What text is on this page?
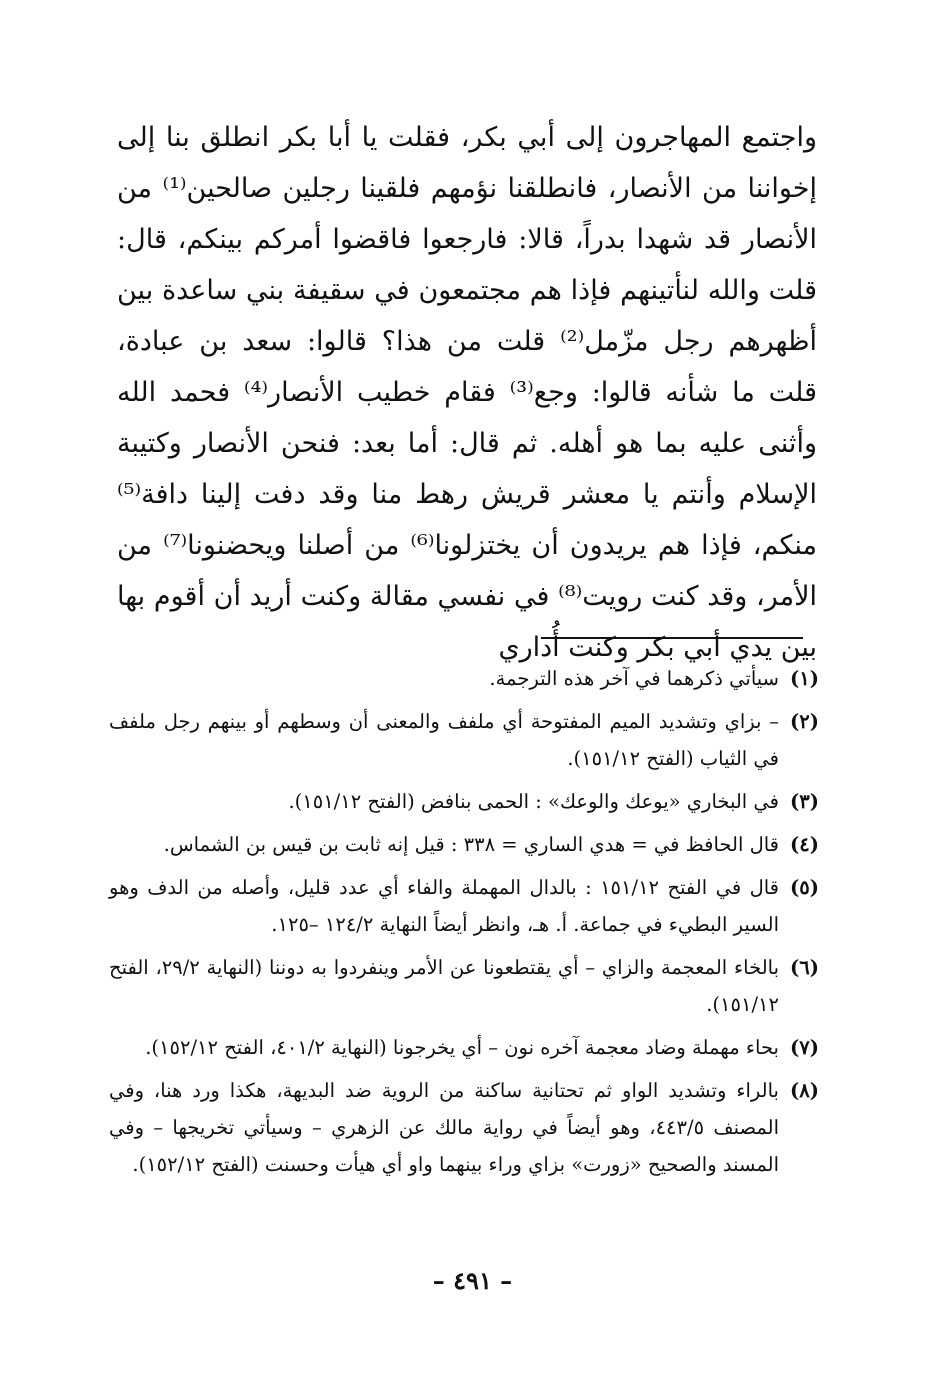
واجتمع المهاجرون إلى أبي بكر، فقلت يا أبا بكر انطلق بنا إلى إخواننا من الأنصار، فانطلقنا نؤمهم فلقينا رجلين صالحين⁽¹⁾ من الأنصار قد شهدا بدراً، قالا: فارجعوا فاقضوا أمركم بينكم، قال: قلت والله لنأتينهم فإذا هم مجتمعون في سقيفة بني ساعدة بين أظهرهم رجل مزّمل⁽²⁾ قلت من هذا؟ قالوا: سعد بن عبادة، قلت ما شأنه قالوا: وجع⁽³⁾ فقام خطيب الأنصار⁽⁴⁾ فحمد الله وأثنى عليه بما هو أهله. ثم قال: أما بعد: فنحن الأنصار وكتيبة الإسلام وأنتم يا معشر قريش رهط منا وقد دفت إلينا دافة⁽⁵⁾ منكم، فإذا هم يريدون أن يختزلونا⁽⁶⁾ من أصلنا ويحضنونا⁽⁷⁾ من الأمر، وقد كنت رويت⁽⁸⁾ في نفسي مقالة وكنت أريد أن أقوم بها بين يدي أبي بكر وكنت أُداري

(١)
سيأتي ذكرهما في آخر هذه الترجمة.
(٢)
– بزاي وتشديد الميم المفتوحة أي ملفف والمعنى أن وسطهم أو بينهم رجل ملفف في الثياب (الفتح ١٥١/١٢).
(٣)
في البخاري «يوعك والوعك» : الحمى بنافض (الفتح ١٥١/١٢).
(٤)
قال الحافظ في = هدي الساري = ٣٣٨ : قيل إنه ثابت بن قيس بن الشماس.
(٥)
قال في الفتح ١٥١/١٢ : بالدال المهملة والفاء أي عدد قليل، وأصله من الدف وهو السير البطيء في جماعة. أ. هـ، وانظر أيضاً النهاية ١٢٤/٢ –١٢٥.
(٦)
بالخاء المعجمة والزاي – أي يقتطعونا عن الأمر وينفردوا به دوننا (النهاية ٢٩/٢، الفتح ١٥١/١٢).
(٧)
بحاء مهملة وضاد معجمة آخره نون – أي يخرجونا (النهاية ٤٠١/٢، الفتح ١٥٢/١٢).
(٨)
بالراء وتشديد الواو ثم تحتانية ساكنة من الروية ضد البديهة، هكذا ورد هنا، وفي المصنف ٤٤٣/٥، وهو أيضاً في رواية مالك عن الزهري – وسيأتي تخريجها – وفي المسند والصحيح «زورت» بزاي وراء بينهما واو أي هيأت وحسنت (الفتح ١٥٢/١٢).
– ٤٩١ –
